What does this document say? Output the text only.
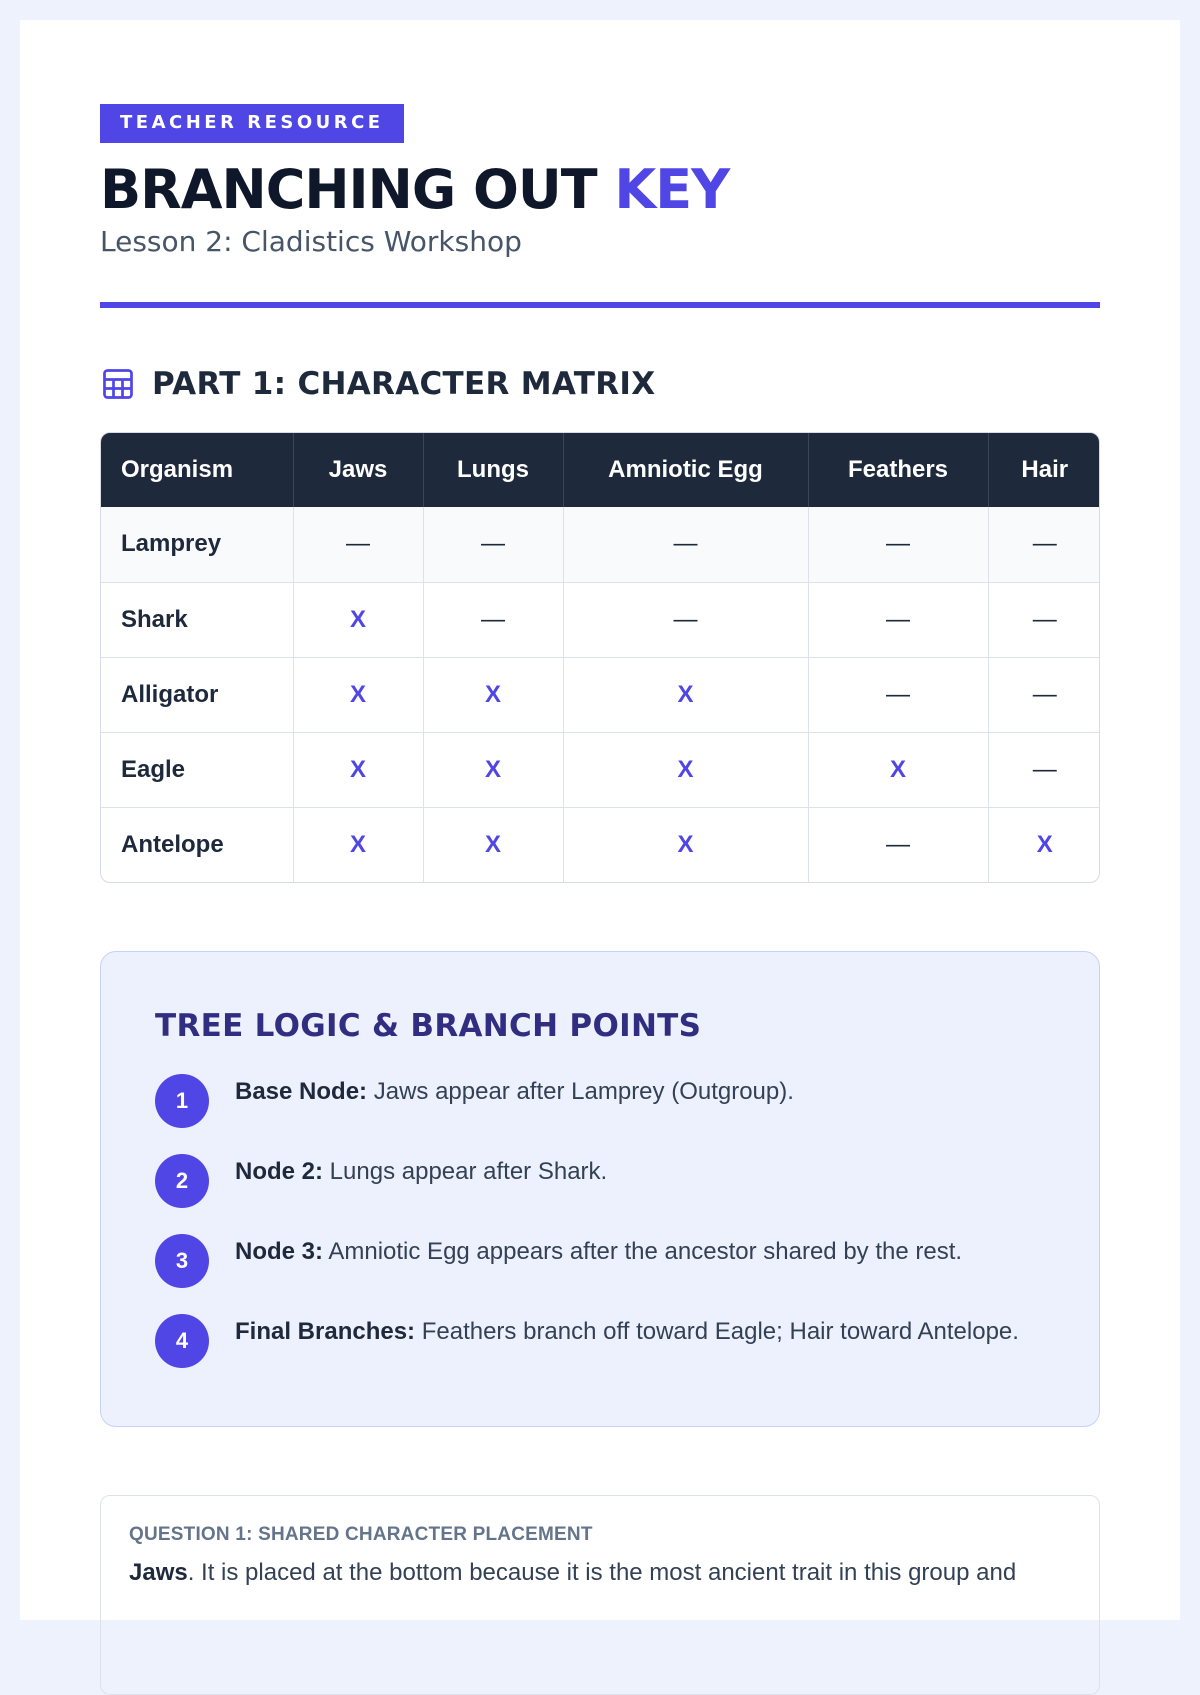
TEACHER RESOURCE
BRANCHING OUT KEY
Lesson 2: Cladistics Workshop
PART 1: CHARACTER MATRIX
Organism	Jaws	Lungs	Amniotic Egg	Feathers	Hair
Lamprey	—	—	—	—	—
Shark	X	—	—	—	—
Alligator	X	X	X	—	—
Eagle	X	X	X	X	—
Antelope	X	X	X	—	X
TREE LOGIC & BRANCH POINTS
1	Base Node: Jaws appear after Lamprey (Outgroup).
2	Node 2: Lungs appear after Shark.
3	Node 3: Amniotic Egg appears after the ancestor shared by the rest.
4	Final Branches: Feathers branch off toward Eagle; Hair toward Antelope.
QUESTION 1: SHARED CHARACTER PLACEMENT
Jaws. It is placed at the bottom because it is the most ancient trait in this group and
